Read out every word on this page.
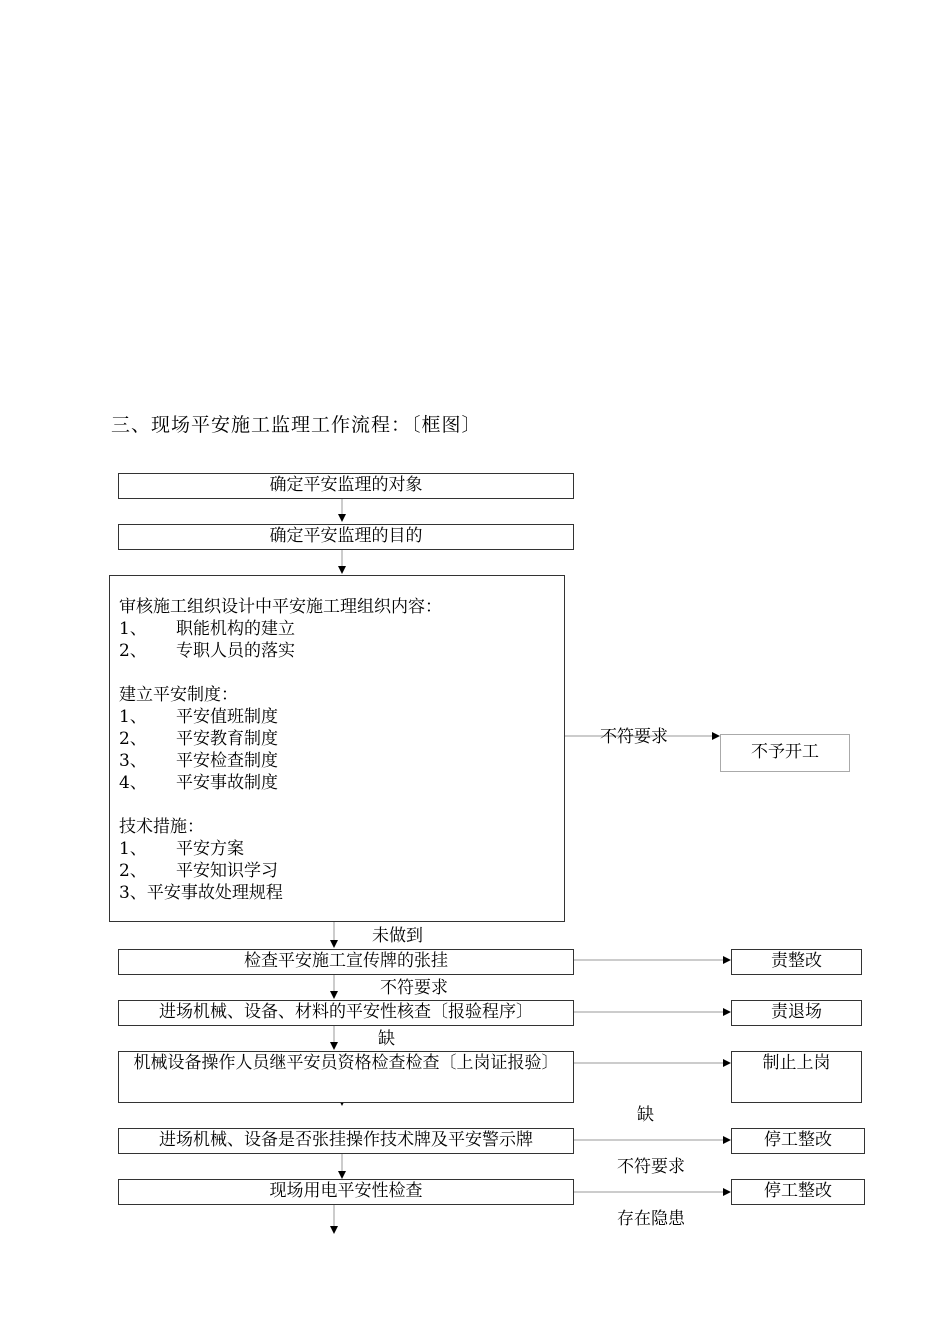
三、现场平安施工监理工作流程：〔框图〕
确定平安监理的对象
确定平安监理的目的
审核施工组织设计中平安施工理组织内容：
1、 职能机构的建立
2、 专职人员的落实
建立平安制度：
1、 平安值班制度
2、 平安教育制度
3、 平安检查制度
4、 平安事故制度
技术措施：
1、 平安方案
2、 平安知识学习
3、平安事故处理规程
检查平安施工宣传牌的张挂
进场机械、设备、材料的平安性核查〔报验程序〕
机械设备操作人员继平安员资格检查检查〔上岗证报验〕
进场机械、设备是否张挂操作技术牌及平安警示牌
现场用电平安性检查
不予开工
责整改
责退场
制止上岗
停工整改
停工整改
不符要求
未做到
不符要求
缺
缺
不符要求
存在隐患
